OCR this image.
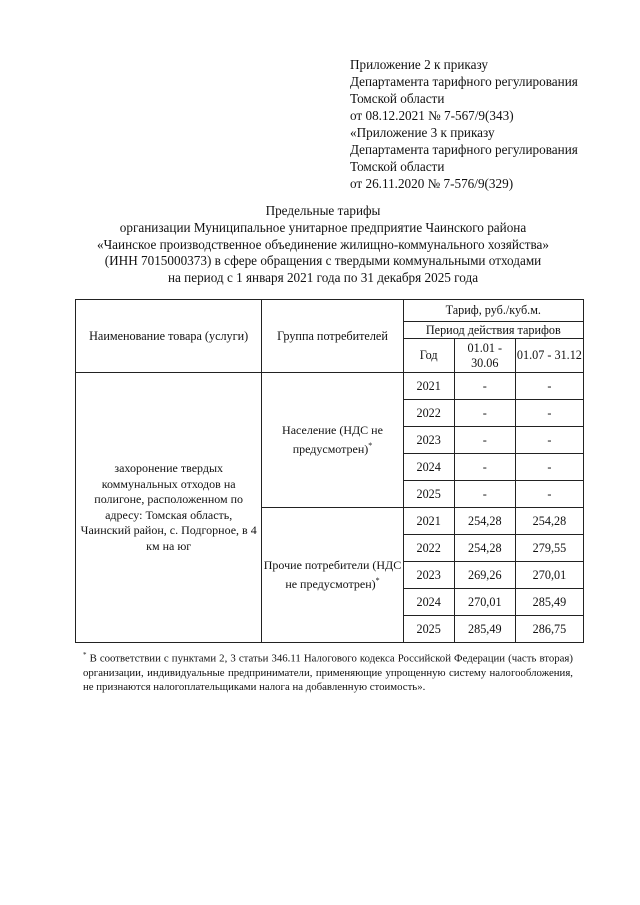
Приложение 2 к приказу
Департамента тарифного регулирования
Томской области
от 08.12.2021 № 7-567/9(343)
«Приложение 3 к приказу
Департамента тарифного регулирования
Томской области
от 26.11.2020 № 7-576/9(329)
Предельные тарифы
организации Муниципальное унитарное предприятие Чаинского района
«Чаинское производственное объединение жилищно-коммунального хозяйства»
(ИНН 7015000373) в сфере обращения с твердыми коммунальными отходами
на период с 1 января 2021 года по 31 декабря 2025 года
Наименование товара (услуги)	Группа потребителей	Тариф, руб./куб.м.		
		Период действия тарифов		
		Год	01.01 - 30.06	01.07 - 31.12
захоронение твердых коммунальных отходов на полигоне, расположенном по адресу: Томская область, Чаинский район, с. Подгорное, в 4 км на юг	Население (НДС не предусмотрен)*	2021	-	-
		2022	-	-
		2023	-	-
		2024	-	-
		2025	-	-
	Прочие потребители (НДС не предусмотрен)*	2021	254,28	254,28
		2022	254,28	279,55
		2023	269,26	270,01
		2024	270,01	285,49
		2025	285,49	286,75
* В соответствии с пунктами 2, 3 статьи 346.11 Налогового кодекса Российской Федерации (часть вторая) организации, индивидуальные предприниматели, применяющие упрощенную систему налогообложения, не признаются налогоплательщиками налога на добавленную стоимость».
